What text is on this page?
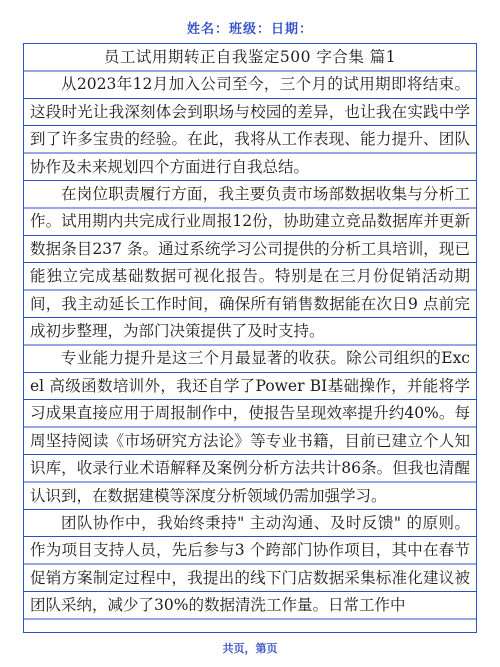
姓名：班级：日期：

员工试用期转正自我鉴定500 字合集 篇1

从2023年12月加入公司至今，三个月的试用期即将结束。这段时光让我深刻体会到职场与校园的差异，也让我在实践中学到了许多宝贵的经验。在此，我将从工作表现、能力提升、团队协作及未来规划四个方面进行自我总结。

在岗位职责履行方面，我主要负责市场部数据收集与分析工作。试用期内共完成行业周报12份，协助建立竞品数据库并更新数据条目237 条。通过系统学习公司提供的分析工具培训，现已能独立完成基础数据可视化报告。特别是在三月份促销活动期间，我主动延长工作时间，确保所有销售数据能在次日9 点前完成初步整理，为部门决策提供了及时支持。

专业能力提升是这三个月最显著的收获。除公司组织的Excel 高级函数培训外，我还自学了Power BI基础操作，并能将学习成果直接应用于周报制作中，使报告呈现效率提升约40%。每周坚持阅读《市场研究方法论》等专业书籍，目前已建立个人知识库，收录行业术语解释及案例分析方法共计86条。但我也清醒认识到，在数据建模等深度分析领域仍需加强学习。

团队协作中，我始终秉持" 主动沟通、及时反馈" 的原则。作为项目支持人员，先后参与3 个跨部门协作项目，其中在春节促销方案制定过程中，我提出的线下门店数据采集标准化建议被团队采纳，减少了30%的数据清洗工作量。日常工作中

共页，第页
